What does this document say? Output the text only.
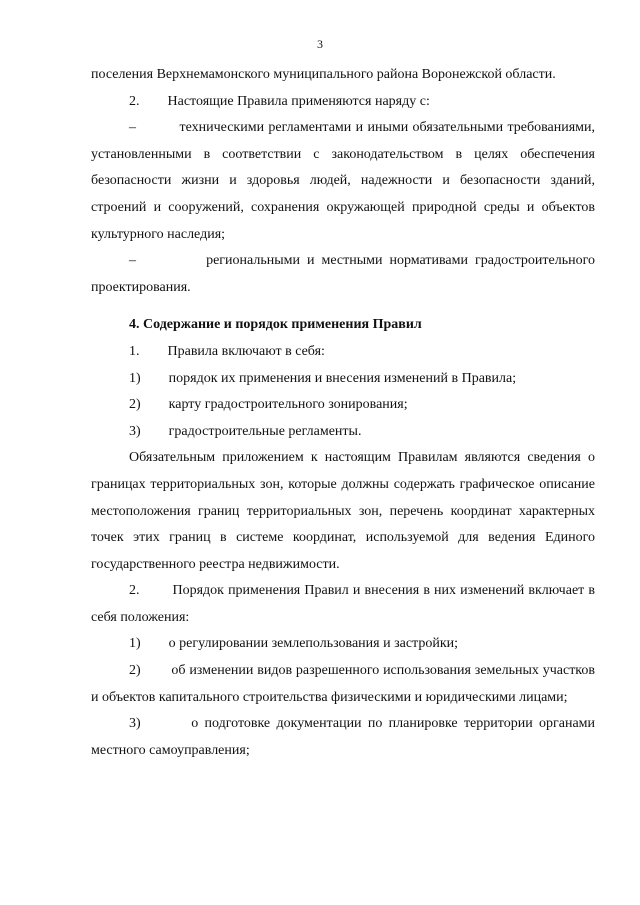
3

поселения Верхнемамонского муниципального района Воронежской области.

2. Настоящие Правила применяются наряду с:

–	техническими регламентами и иными обязательными требованиями, установленными в соответствии с законодательством в целях обеспечения безопасности жизни и здоровья людей, надежности и безопасности зданий, строений и сооружений, сохранения окружающей природной среды и объектов культурного наследия;

–	региональными и местными нормативами градостроительного проектирования.

4. Содержание и порядок применения Правил

1. Правила включают в себя:

1) порядок их применения и внесения изменений в Правила;

2) карту градостроительного зонирования;

3) градостроительные регламенты.

Обязательным приложением к настоящим Правилам являются сведения о границах территориальных зон, которые должны содержать графическое описание местоположения границ территориальных зон, перечень координат характерных точек этих границ в системе координат, используемой для ведения Единого государственного реестра недвижимости.

2. Порядок применения Правил и внесения в них изменений включает в себя положения:

1) о регулировании землепользования и застройки;

2) об изменении видов разрешенного использования земельных участков и объектов капитального строительства физическими и юридическими лицами;

3)	о подготовке документации по планировке территории органами местного самоуправления;
